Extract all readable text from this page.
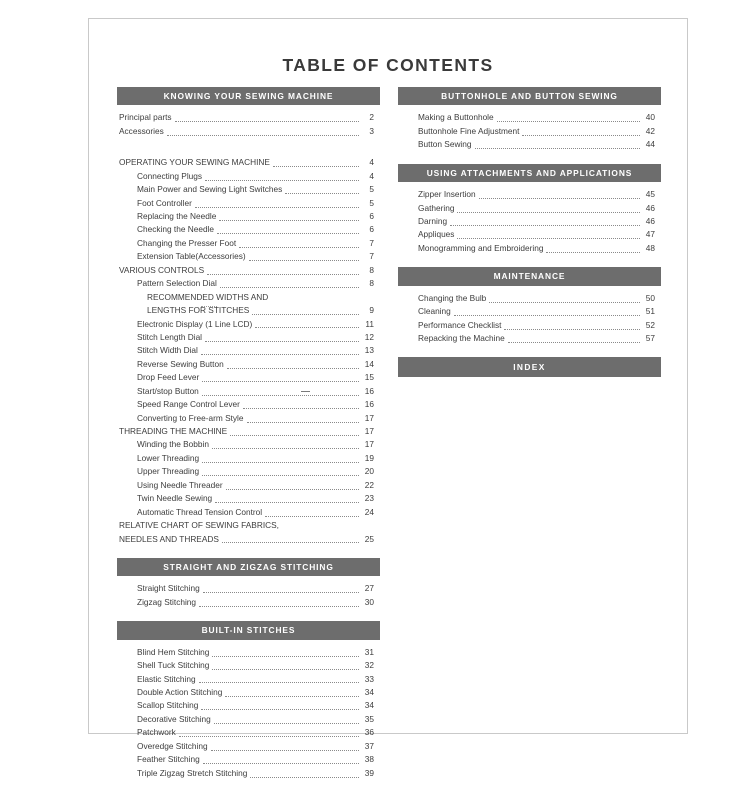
TABLE OF CONTENTS
KNOWING YOUR SEWING MACHINE
Principal parts	2
Accessories	3
OPERATING YOUR SEWING MACHINE	4
Connecting Plugs	4
Main Power and Sewing Light Switches	5
Foot Controller	5
Replacing the Needle	6
Checking the Needle	6
Changing the Presser Foot	7
Extension Table(Accessories)	7
VARIOUS CONTROLS	8
Pattern Selection Dial	8
RECOMMENDED WIDTHS AND
LENGTHS FOR STITCHES	9
Electronic Display (1 Line LCD)	11
Stitch Length Dial	12
Stitch Width Dial	13
Reverse Sewing Button	14
Drop Feed Lever	15
Start/stop Button	16
Speed Range Control Lever	16
Converting to Free-arm Style	17
THREADING THE MACHINE	17
Winding the Bobbin	17
Lower Threading	19
Upper Threading	20
Using Needle Threader	22
Twin Needle Sewing	23
Automatic Thread Tension Control	24
RELATIVE CHART OF SEWING FABRICS,
NEEDLES AND THREADS	25
STRAIGHT AND ZIGZAG STITCHING
Straight Stitching	27
Zigzag Stitching	30
BUILT-IN STITCHES
Blind Hem Stitching	31
Shell Tuck Stitching	32
Elastic Stitching	33
Double Action Stitching	34
Scallop Stitching	34
Decorative Stitching	35
Patchwork	36
Overedge Stitching	37
Feather Stitching	38
Triple Zigzag Stretch Stitching	39
BUTTONHOLE AND BUTTON SEWING
Making a Buttonhole	40
Buttonhole Fine Adjustment	42
Button Sewing	44
USING ATTACHMENTS AND APPLICATIONS
Zipper Insertion	45
Gathering	46
Darning	46
Appliques	47
Monogramming and Embroidering	48
MAINTENANCE
Changing the Bulb	50
Cleaning	51
Performance Checklist	52
Repacking the Machine	57
INDEX
